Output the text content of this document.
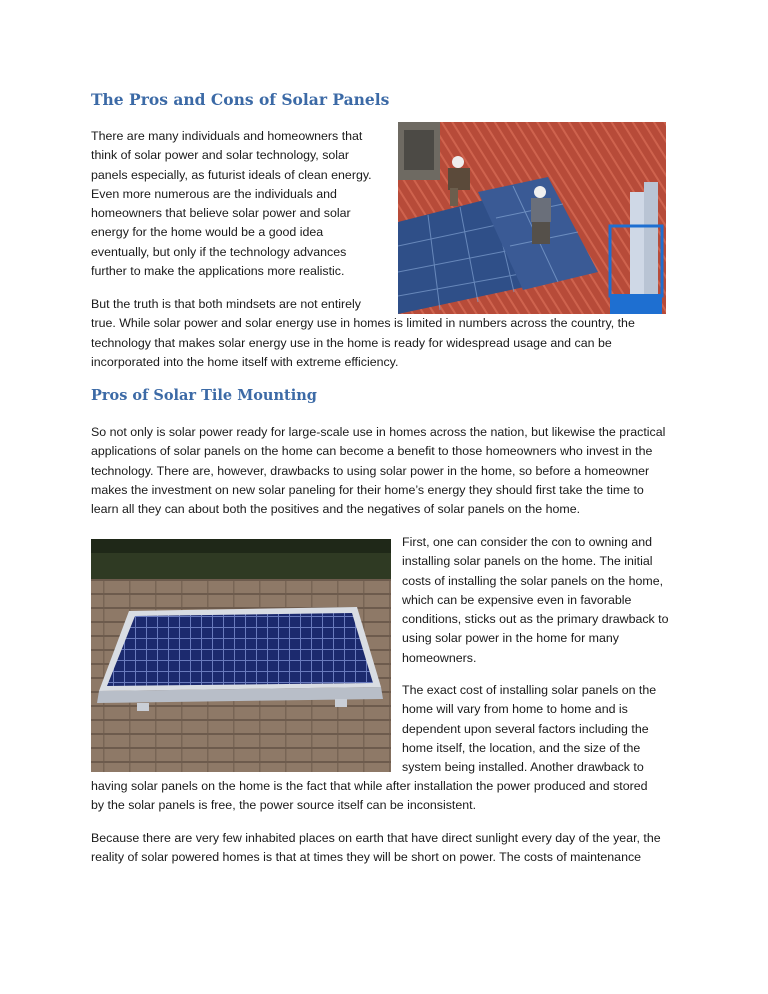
The Pros and Cons of Solar Panels

There are many individuals and homeowners that
think of solar power and solar technology, solar
panels especially, as futurist ideals of clean energy.
Even more numerous are the individuals and
homeowners that believe solar power and solar
energy for the home would be a good idea
eventually, but only if the technology advances
further to make the applications more realistic.

But the truth is that both mindsets are not entirely
true. While solar power and solar energy use in homes is limited in numbers across the country, the
technology that makes solar energy use in the home is ready for widespread usage and can be
incorporated into the home itself with extreme efficiency.

Pros of Solar Tile Mounting

So not only is solar power ready for large-scale use in homes across the nation, but likewise the practical
applications of solar panels on the home can become a benefit to those homeowners who invest in the
technology. There are, however, drawbacks to using solar power in the home, so before a homeowner
makes the investment on new solar paneling for their home’s energy they should first take the time to
learn all they can about both the positives and the negatives of solar panels on the home.

First, one can consider the con to owning and
installing solar panels on the home. The initial
costs of installing the solar panels on the home,
which can be expensive even in favorable
conditions, sticks out as the primary drawback to
using solar power in the home for many
homeowners.

The exact cost of installing solar panels on the
home will vary from home to home and is
dependent upon several factors including the
home itself, the location, and the size of the
system being installed. Another drawback to

having solar panels on the home is the fact that while after installation the power produced and stored
by the solar panels is free, the power source itself can be inconsistent.

Because there are very few inhabited places on earth that have direct sunlight every day of the year, the
reality of solar powered homes is that at times they will be short on power. The costs of maintenance
